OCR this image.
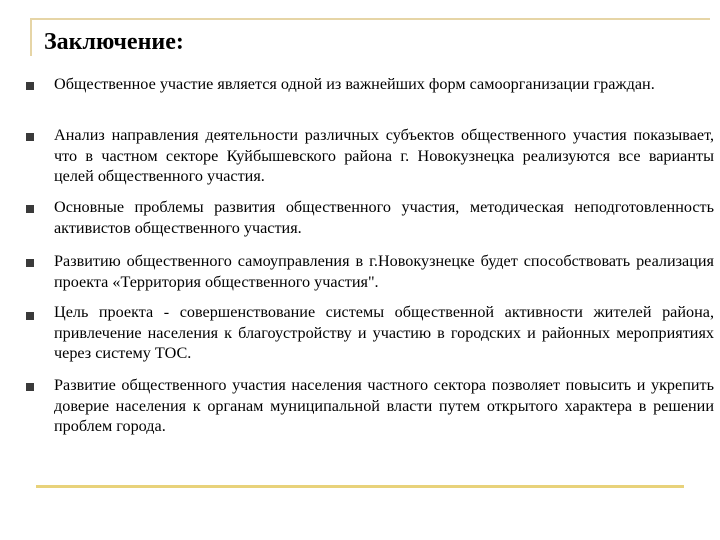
Заключение:

Общественное участие является одной из важнейших форм самоорганизации граждан.

Анализ направления деятельности различных субъектов общественного участия показывает, что в частном секторе Куйбышевского района г. Новокузнецка реализуются все варианты целей общественного участия.

Основные проблемы развития общественного участия, методическая неподготовленность активистов общественного участия.

Развитию общественного самоуправления в г.Новокузнецке будет способствовать реализация проекта «Территория общественного участия".

Цель проекта - совершенствование системы общественной активности жителей района, привлечение населения к благоустройству и участию в городских и районных мероприятиях через систему ТОС.

Развитие общественного участия населения частного сектора позволяет повысить и укрепить доверие населения к органам муниципальной власти путем открытого характера в решении проблем города.
